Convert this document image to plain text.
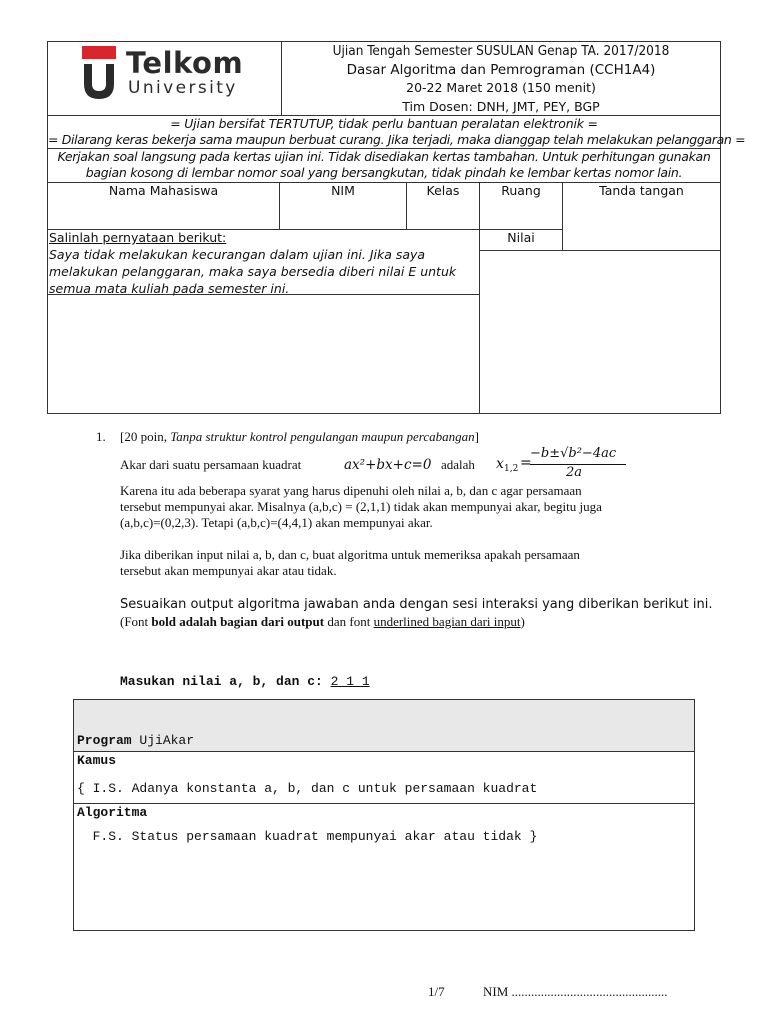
Telkom
University
Ujian Tengah Semester SUSULAN Genap TA. 2017/2018
Dasar Algoritma dan Pemrograman (CCH1A4)
20-22 Maret 2018 (150 menit)
Tim Dosen: DNH, JMT, PEY, BGP
= Ujian bersifat TERTUTUP, tidak perlu bantuan peralatan elektronik =
= Dilarang keras bekerja sama maupun berbuat curang. Jika terjadi, maka dianggap telah melakukan pelanggaran =
Kerjakan soal langsung pada kertas ujian ini. Tidak disediakan kertas tambahan. Untuk perhitungan gunakan bagian kosong di lembar nomor soal yang bersangkutan, tidak pindah ke lembar kertas nomor lain.
Nama Mahasiswa	NIM	Kelas	Ruang	Tanda tangan
Nilai
Salinlah pernyataan berikut:
Saya tidak melakukan kecurangan dalam ujian ini. Jika saya melakukan pelanggaran, maka saya bersedia diberi nilai E untuk semua mata kuliah pada semester ini.
1. [20 poin, Tanpa struktur kontrol pengulangan maupun percabangan]
Akar dari suatu persamaan kuadrat	ax²+bx+c=0 adalah x 1,2 =
−b±√b²−4ac
2a
Karena itu ada beberapa syarat yang harus dipenuhi oleh nilai a, b, dan c agar persamaan
tersebut mempunyai akar. Misalnya (a,b,c) = (2,1,1) tidak akan mempunyai akar, begitu juga
(a,b,c)=(0,2,3). Tetapi (a,b,c)=(4,4,1) akan mempunyai akar.
Jika diberikan input nilai a, b, dan c, buat algoritma untuk memeriksa apakah persamaan
tersebut akan mempunyai akar atau tidak.
Sesuaikan output algoritma jawaban anda dengan sesi interaksi yang diberikan berikut ini.
(Font bold adalah bagian dari output dan font underlined bagian dari input)

Masukan nilai a, b, dan c: 2 1 1

Program UjiAkar

{ I.S. Adanya konstanta a, b, dan c untuk persamaan kuadrat

F.S. Status persamaan kuadrat mempunyai akar atau tidak }

Kamus
Algoritma
1/7	NIM ................................................
